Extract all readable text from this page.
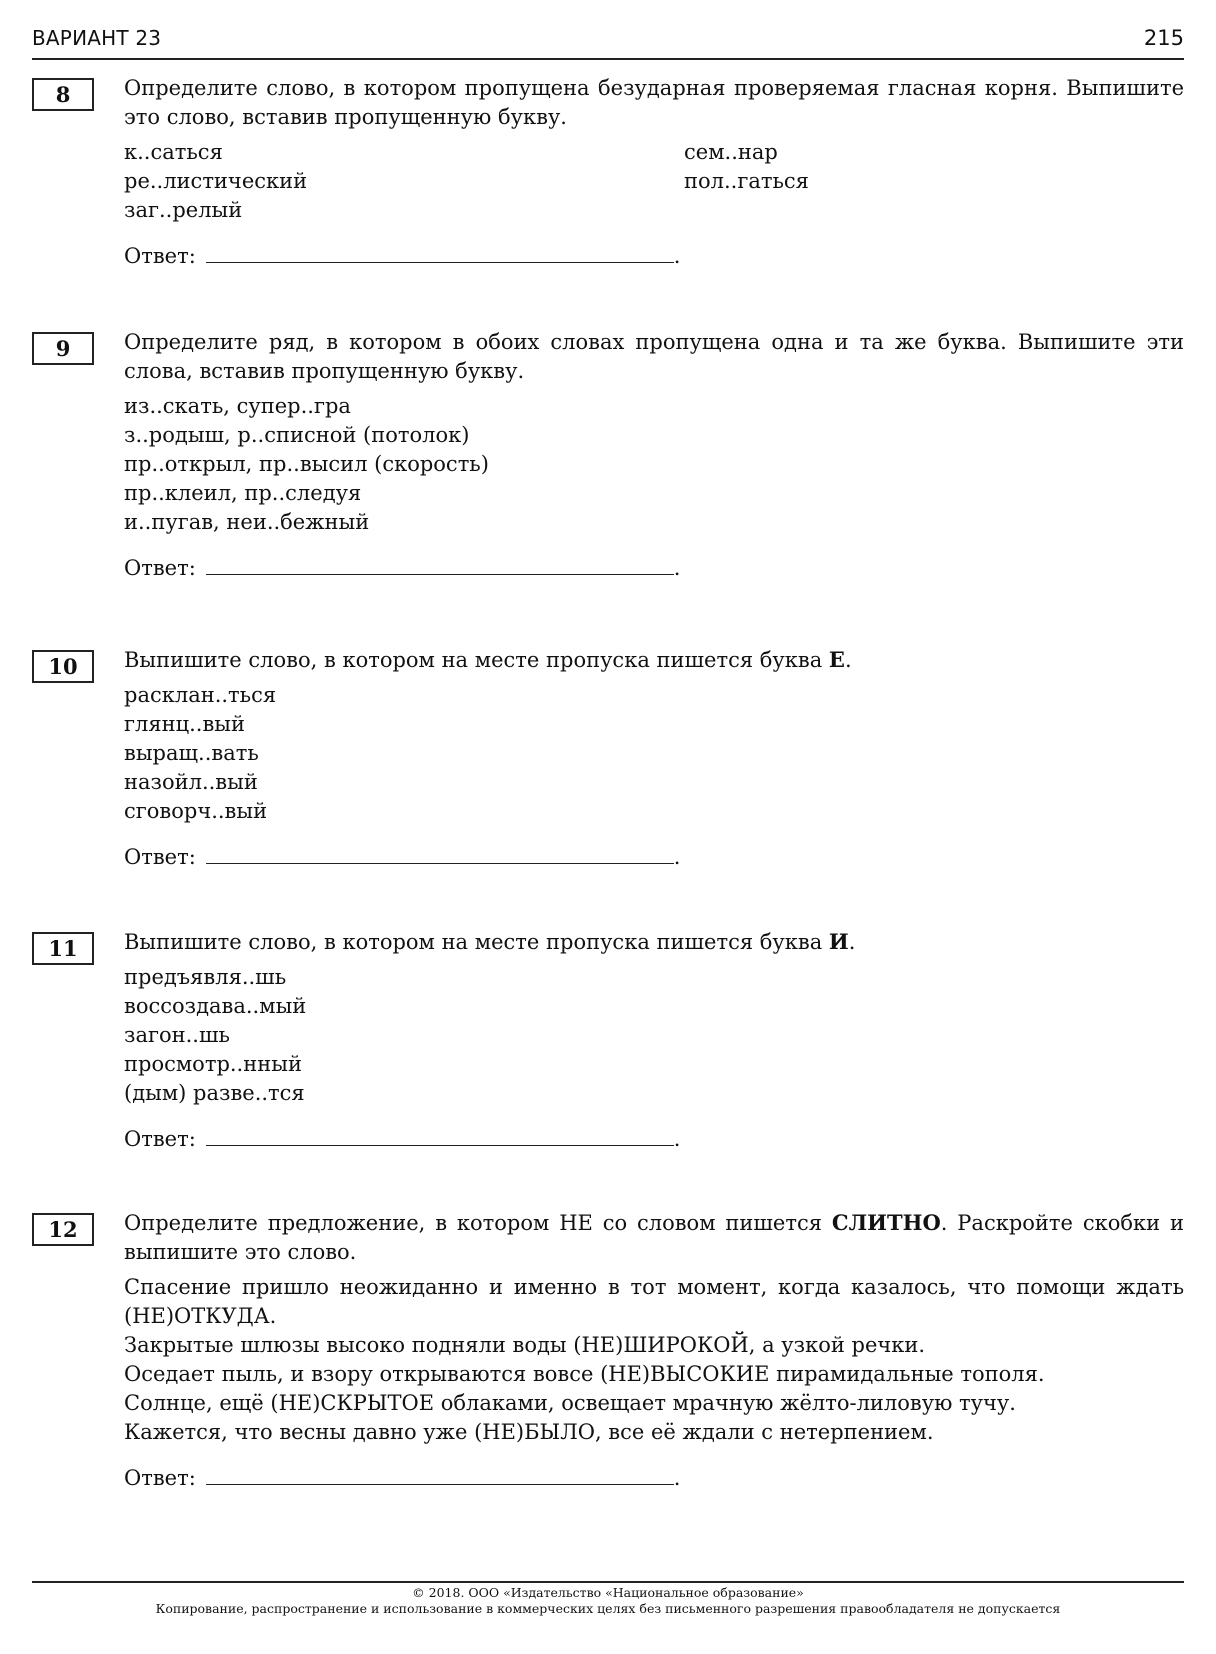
ВАРИАНТ 23	215
8	Определите слово, в котором пропущена безударная проверяемая гласная корня. Выпишите это слово, вставив пропущенную букву.
к..саться
ре..листический
заг..релый
сем..нар
пол..гаться
Ответ:	.
9	Определите ряд, в котором в обоих словах пропущена одна и та же буква. Выпишите эти слова, вставив пропущенную букву.
из..скать, супер..гра
з..родыш, р..списной (потолок)
пр..открыл, пр..высил (скорость)
пр..клеил, пр..следуя
и..пугав, неи..бежный
Ответ:	.
10	Выпишите слово, в котором на месте пропуска пишется буква Е.
расклан..ться
глянц..вый
выращ..вать
назойл..вый
сговорч..вый
Ответ:	.
11	Выпишите слово, в котором на месте пропуска пишется буква И.
предъявля..шь
воссоздава..мый
загон..шь
просмотр..нный
(дым) разве..тся
Ответ:	.
12	Определите предложение, в котором НЕ со словом пишется СЛИТНО. Раскройте скобки и выпишите это слово.
Спасение пришло неожиданно и именно в тот момент, когда казалось, что помощи ждать (НЕ)ОТКУДА.
Закрытые шлюзы высоко подняли воды (НЕ)ШИРОКОЙ, а узкой речки.
Оседает пыль, и взору открываются вовсе (НЕ)ВЫСОКИЕ пирамидальные тополя.
Солнце, ещё (НЕ)СКРЫТОЕ облаками, освещает мрачную жёлто-лиловую тучу.
Кажется, что весны давно уже (НЕ)БЫЛО, все её ждали с нетерпением.
Ответ:	.
© 2018. ООО «Издательство «Национальное образование»
Копирование, распространение и использование в коммерческих целях без письменного разрешения правообладателя не допускается
